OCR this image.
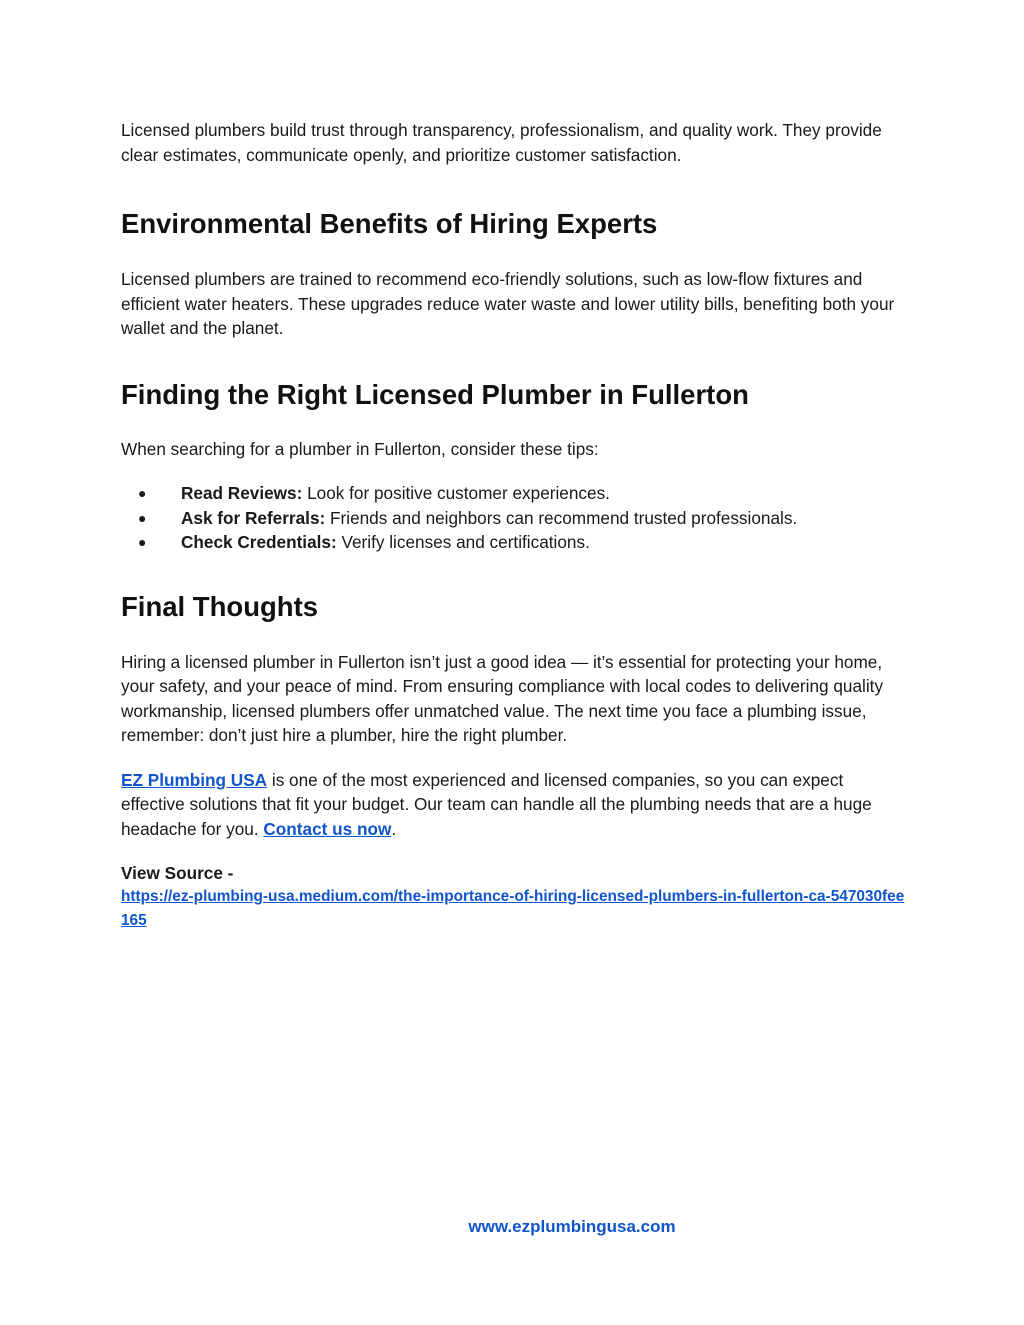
Licensed plumbers build trust through transparency, professionalism, and quality work. They provide clear estimates, communicate openly, and prioritize customer satisfaction.

Environmental Benefits of Hiring Experts

Licensed plumbers are trained to recommend eco-friendly solutions, such as low-flow fixtures and efficient water heaters. These upgrades reduce water waste and lower utility bills, benefiting both your wallet and the planet.

Finding the Right Licensed Plumber in Fullerton

When searching for a plumber in Fullerton, consider these tips:

● Read Reviews: Look for positive customer experiences.
● Ask for Referrals: Friends and neighbors can recommend trusted professionals.
● Check Credentials: Verify licenses and certifications.
Final Thoughts

Hiring a licensed plumber in Fullerton isn’t just a good idea — it’s essential for protecting your home, your safety, and your peace of mind. From ensuring compliance with local codes to delivering quality workmanship, licensed plumbers offer unmatched value. The next time you face a plumbing issue, remember: don’t just hire a plumber, hire the right plumber.

EZ Plumbing USA is one of the most experienced and licensed companies, so you can expect effective solutions that fit your budget. Our team can handle all the plumbing needs that are a huge headache for you. Contact us now.

View Source -
https://ez-plumbing-usa.medium.com/the-importance-of-hiring-licensed-plumbers-in-fullerton-ca-547030fee165
www.ezplumbingusa.com
